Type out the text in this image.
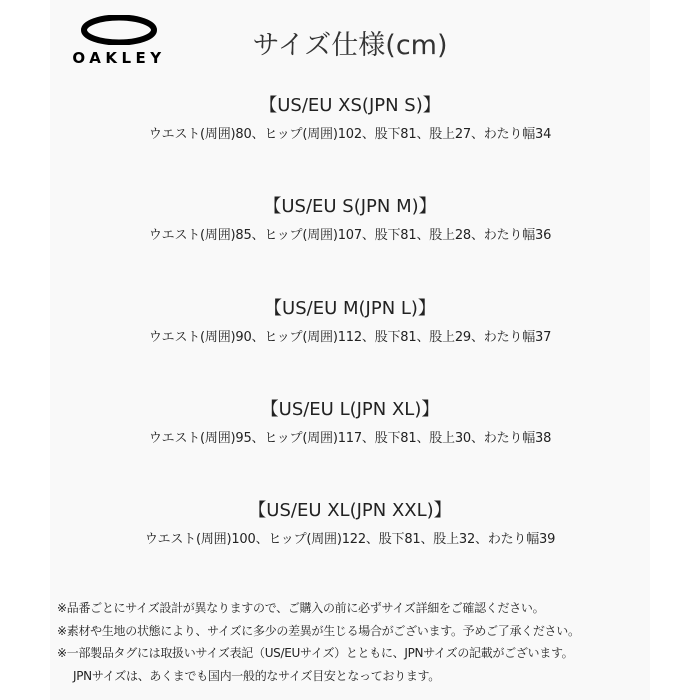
OAKLEY	サイズ仕様(cm)
【US/EU XS(JPN S)】
ウエスト(周囲)80、ヒップ(周囲)102、股下81、股上27、わたり幅34
【US/EU S(JPN M)】
ウエスト(周囲)85、ヒップ(周囲)107、股下81、股上28、わたり幅36
【US/EU M(JPN L)】
ウエスト(周囲)90、ヒップ(周囲)112、股下81、股上29、わたり幅37
【US/EU L(JPN XL)】
ウエスト(周囲)95、ヒップ(周囲)117、股下81、股上30、わたり幅38
【US/EU XL(JPN XXL)】
ウエスト(周囲)100、ヒップ(周囲)122、股下81、股上32、わたり幅39
※品番ごとにサイズ設計が異なりますので、ご購入の前に必ずサイズ詳細をご確認ください。
※素材や生地の状態により、サイズに多少の差異が生じる場合がございます。予めご了承ください。
※一部製品タグには取扱いサイズ表記（US/EUサイズ）とともに、JPNサイズの記載がございます。
JPNサイズは、あくまでも国内一般的なサイズ目安となっております。
